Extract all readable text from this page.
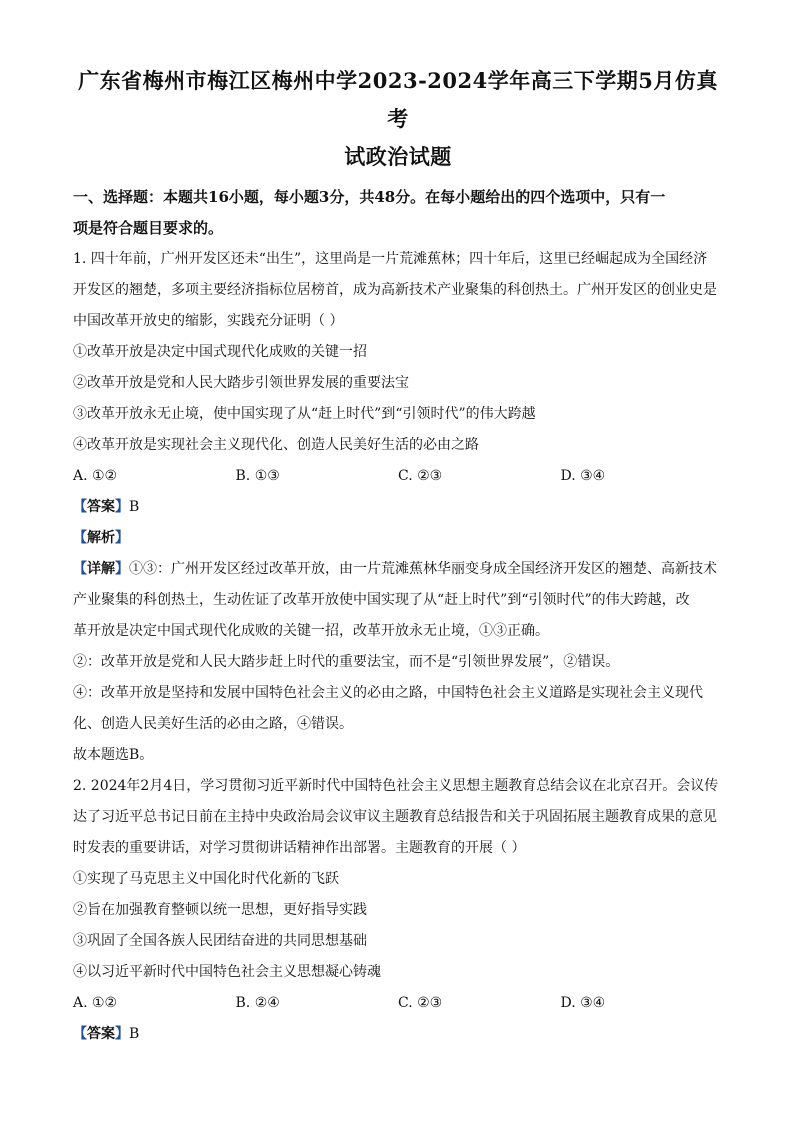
广东省梅州市梅江区梅州中学2023-2024学年高三下学期5月仿真考

试政治试题

一、选择题：本题共16小题，每小题3分，共48分。在每小题给出的四个选项中，只有一

项是符合题目要求的。

1. 四十年前，广州开发区还未“出生”，这里尚是一片荒滩蕉林；四十年后，这里已经崛起成为全国经济

开发区的翘楚，多项主要经济指标位居榜首，成为高新技术产业聚集的科创热土。广州开发区的创业史是

中国改革开放史的缩影，实践充分证明（ ）

①改革开放是决定中国式现代化成败的关键一招

②改革开放是党和人民大踏步引领世界发展的重要法宝

③改革开放永无止境，使中国实现了从“赶上时代”到“引领时代”的伟大跨越

④改革开放是实现社会主义现代化、创造人民美好生活的必由之路

A. ①②	B. ①③	C. ②③	D. ③④

【答案】B

【解析】

【详解】①③：广州开发区经过改革开放，由一片荒滩蕉林华丽变身成全国经济开发区的翘楚、高新技术

产业聚集的科创热土，生动佐证了改革开放使中国实现了从“赶上时代”到“引领时代”的伟大跨越，改

革开放是决定中国式现代化成败的关键一招，改革开放永无止境，①③正确。

②：改革开放是党和人民大踏步赶上时代的重要法宝，而不是“引领世界发展”，②错误。

④：改革开放是坚持和发展中国特色社会主义的必由之路，中国特色社会主义道路是实现社会主义现代

化、创造人民美好生活的必由之路，④错误。

故本题选B。

2. 2024年2月4日，学习贯彻习近平新时代中国特色社会主义思想主题教育总结会议在北京召开。会议传

达了习近平总书记日前在主持中央政治局会议审议主题教育总结报告和关于巩固拓展主题教育成果的意见

时发表的重要讲话，对学习贯彻讲话精神作出部署。主题教育的开展（ ）

①实现了马克思主义中国化时代化新的飞跃

②旨在加强教育整顿以统一思想，更好指导实践

③巩固了全国各族人民团结奋进的共同思想基础

④以习近平新时代中国特色社会主义思想凝心铸魂

A. ①②	B. ②④	C. ②③	D. ③④

【答案】B
